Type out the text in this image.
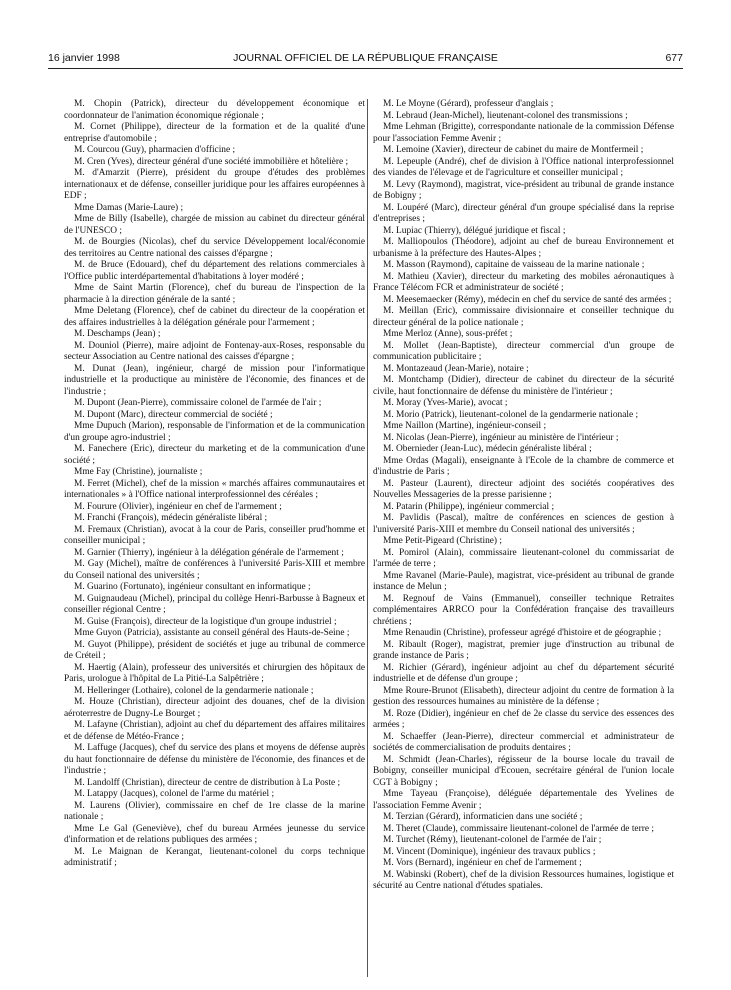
16 janvier 1998	JOURNAL OFFICIEL DE LA RÉPUBLIQUE FRANÇAISE	677

M. Chopin (Patrick), directeur du développement économique et coordonnateur de l'animation économique régionale ;

M. Cornet (Philippe), directeur de la formation et de la qualité d'une entreprise d'automobile ;

M. Courcou (Guy), pharmacien d'officine ;

M. Cren (Yves), directeur général d'une société immobilière et hôtelière ;

M. d'Amarzit (Pierre), président du groupe d'études des problèmes internationaux et de défense, conseiller juridique pour les affaires européennes à EDF ;

Mme Damas (Marie-Laure) ;

Mme de Billy (Isabelle), chargée de mission au cabinet du directeur général de l'UNESCO ;

M. de Bourgies (Nicolas), chef du service Développement local/économie des territoires au Centre national des caisses d'épargne ;

M. de Bruce (Edouard), chef du département des relations commerciales à l'Office public interdépartemental d'habitations à loyer modéré ;

Mme de Saint Martin (Florence), chef du bureau de l'inspection de la pharmacie à la direction générale de la santé ;

Mme Deletang (Florence), chef de cabinet du directeur de la coopération et des affaires industrielles à la délégation générale pour l'armement ;

M. Deschamps (Jean) ;

M. Douniol (Pierre), maire adjoint de Fontenay-aux-Roses, responsable du secteur Association au Centre national des caisses d'épargne ;

M. Dunat (Jean), ingénieur, chargé de mission pour l'informatique industrielle et la productique au ministère de l'économie, des finances et de l'industrie ;

M. Dupont (Jean-Pierre), commissaire colonel de l'armée de l'air ;

M. Dupont (Marc), directeur commercial de société ;

Mme Dupuch (Marion), responsable de l'information et de la communication d'un groupe agro-industriel ;

M. Fanechere (Eric), directeur du marketing et de la communication d'une société ;

Mme Fay (Christine), journaliste ;

M. Ferret (Michel), chef de la mission « marchés affaires communautaires et internationales » à l'Office national interprofessionnel des céréales ;

M. Fourure (Olivier), ingénieur en chef de l'armement ;

M. Franchi (François), médecin généraliste libéral ;

M. Fremaux (Christian), avocat à la cour de Paris, conseiller prud'homme et conseiller municipal ;

M. Garnier (Thierry), ingénieur à la délégation générale de l'armement ;

M. Gay (Michel), maître de conférences à l'université Paris-XIII et membre du Conseil national des universités ;

M. Guarino (Fortunato), ingénieur consultant en informatique ;

M. Guignaudeau (Michel), principal du collège Henri-Barbusse à Bagneux et conseiller régional Centre ;

M. Guise (François), directeur de la logistique d'un groupe industriel ;

Mme Guyon (Patricia), assistante au conseil général des Hauts-de-Seine ;

M. Guyot (Philippe), président de sociétés et juge au tribunal de commerce de Créteil ;

M. Haertig (Alain), professeur des universités et chirurgien des hôpitaux de Paris, urologue à l'hôpital de La Pitié-La Salpêtrière ;

M. Helleringer (Lothaire), colonel de la gendarmerie nationale ;

M. Houze (Christian), directeur adjoint des douanes, chef de la division aéroterrestre de Dugny-Le Bourget ;

M. Lafayne (Christian), adjoint au chef du département des affaires militaires et de défense de Météo-France ;

M. Laffuge (Jacques), chef du service des plans et moyens de défense auprès du haut fonctionnaire de défense du ministère de l'économie, des finances et de l'industrie ;

M. Landolff (Christian), directeur de centre de distribution à La Poste ;

M. Latappy (Jacques), colonel de l'arme du matériel ;

M. Laurens (Olivier), commissaire en chef de 1re classe de la marine nationale ;

Mme Le Gal (Geneviève), chef du bureau Armées jeunesse du service d'information et de relations publiques des armées ;

M. Le Maignan de Kerangat, lieutenant-colonel du corps technique administratif ;

M. Le Moyne (Gérard), professeur d'anglais ;

M. Lebraud (Jean-Michel), lieutenant-colonel des transmissions ;

Mme Lehman (Brigitte), correspondante nationale de la commission Défense pour l'association Femme Avenir ;

M. Lemoine (Xavier), directeur de cabinet du maire de Montfermeil ;

M. Lepeuple (André), chef de division à l'Office national interprofessionnel des viandes de l'élevage et de l'agriculture et conseiller municipal ;

M. Levy (Raymond), magistrat, vice-président au tribunal de grande instance de Bobigny ;

M. Loupéré (Marc), directeur général d'un groupe spécialisé dans la reprise d'entreprises ;

M. Lupiac (Thierry), délégué juridique et fiscal ;

M. Malliopoulos (Théodore), adjoint au chef de bureau Environnement et urbanisme à la préfecture des Hautes-Alpes ;

M. Masson (Raymond), capitaine de vaisseau de la marine nationale ;

M. Mathieu (Xavier), directeur du marketing des mobiles aéronautiques à France Télécom FCR et administrateur de société ;

M. Meesemaecker (Rémy), médecin en chef du service de santé des armées ;

M. Meillan (Eric), commissaire divisionnaire et conseiller technique du directeur général de la police nationale ;

Mme Merloz (Anne), sous-préfet ;

M. Mollet (Jean-Baptiste), directeur commercial d'un groupe de communication publicitaire ;

M. Montazeaud (Jean-Marie), notaire ;

M. Montchamp (Didier), directeur de cabinet du directeur de la sécurité civile, haut fonctionnaire de défense du ministère de l'intérieur ;

M. Moray (Yves-Marie), avocat ;

M. Morio (Patrick), lieutenant-colonel de la gendarmerie nationale ;

Mme Naillon (Martine), ingénieur-conseil ;

M. Nicolas (Jean-Pierre), ingénieur au ministère de l'intérieur ;

M. Obernieder (Jean-Luc), médecin généraliste libéral ;

Mme Ordas (Magali), enseignante à l'Ecole de la chambre de commerce et d'industrie de Paris ;

M. Pasteur (Laurent), directeur adjoint des sociétés coopératives des Nouvelles Messageries de la presse parisienne ;

M. Patarin (Philippe), ingénieur commercial ;

M. Pavlidis (Pascal), maître de conférences en sciences de gestion à l'université Paris-XIII et membre du Conseil national des universités ;

Mme Petit-Pigeard (Christine) ;

M. Pomirol (Alain), commissaire lieutenant-colonel du commissariat de l'armée de terre ;

Mme Ravanel (Marie-Paule), magistrat, vice-président au tribunal de grande instance de Melun ;

M. Regnouf de Vains (Emmanuel), conseiller technique Retraites complémentaires ARRCO pour la Confédération française des travailleurs chrétiens ;

Mme Renaudin (Christine), professeur agrégé d'histoire et de géographie ;

M. Ribault (Roger), magistrat, premier juge d'instruction au tribunal de grande instance de Paris ;

M. Richier (Gérard), ingénieur adjoint au chef du département sécurité industrielle et de défense d'un groupe ;

Mme Roure-Brunot (Elisabeth), directeur adjoint du centre de formation à la gestion des ressources humaines au ministère de la défense ;

M. Roze (Didier), ingénieur en chef de 2e classe du service des essences des armées ;

M. Schaeffer (Jean-Pierre), directeur commercial et administrateur de sociétés de commercialisation de produits dentaires ;

M. Schmidt (Jean-Charles), régisseur de la bourse locale du travail de Bobigny, conseiller municipal d'Ecouen, secrétaire général de l'union locale CGT à Bobigny ;

Mme Tayeau (Françoise), déléguée départementale des Yvelines de l'association Femme Avenir ;

M. Terzian (Gérard), informaticien dans une société ;

M. Theret (Claude), commissaire lieutenant-colonel de l'armée de terre ;

M. Turchet (Rémy), lieutenant-colonel de l'armée de l'air ;

M. Vincent (Dominique), ingénieur des travaux publics ;

M. Vors (Bernard), ingénieur en chef de l'armement ;

M. Wabinski (Robert), chef de la division Ressources humaines, logistique et sécurité au Centre national d'études spatiales.
